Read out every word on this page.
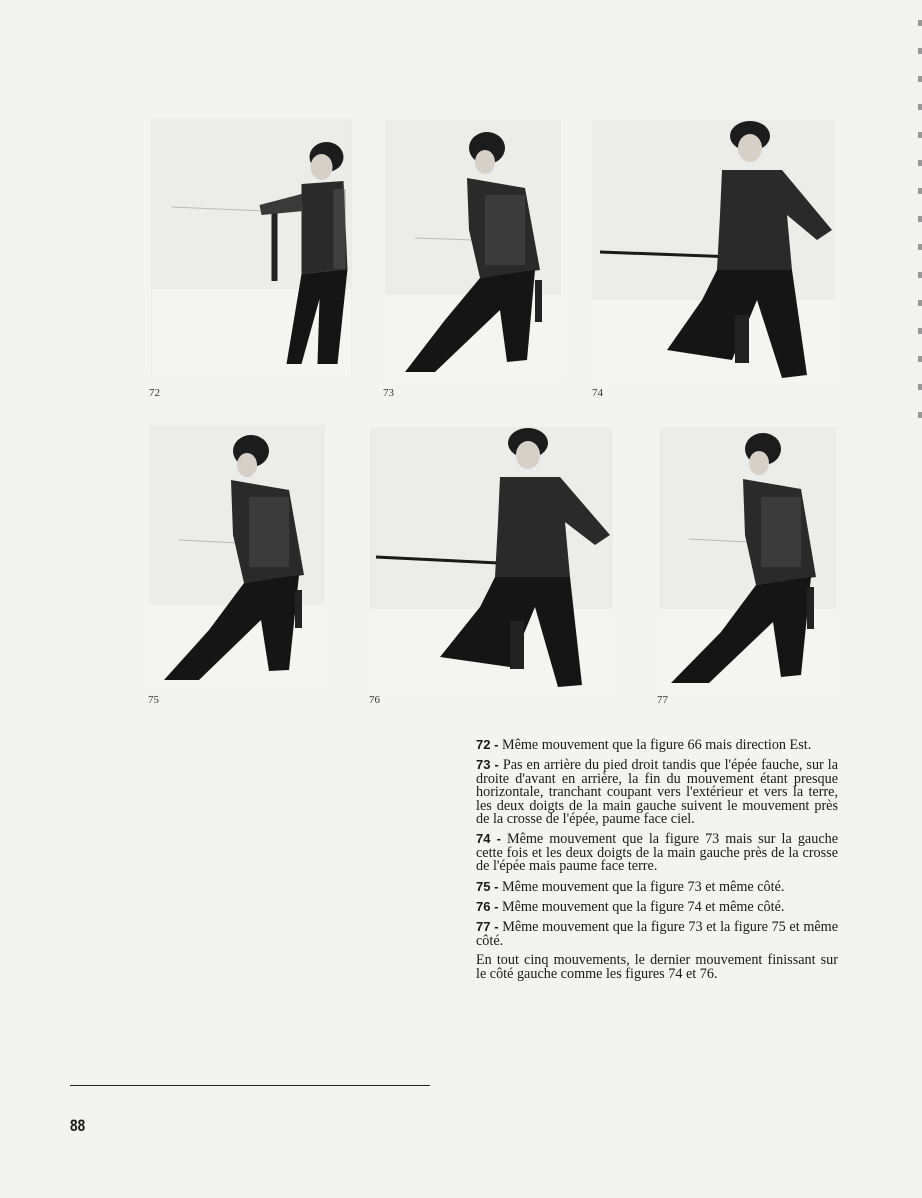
72	73	74
75	76	77

72 - Même mouvement que la figure 66 mais direction Est.

73 - Pas en arrière du pied droit tandis que l'épée fauche, sur la droite d'avant en arrière, la fin du mouvement étant presque horizontale, tranchant coupant vers l'extérieur et vers la terre, les deux doigts de la main gauche suivent le mouvement près de la crosse de l'épée, paume face ciel.

74 - Même mouvement que la figure 73 mais sur la gauche cette fois et les deux doigts de la main gauche près de la crosse de l'épée mais paume face terre.

75 - Même mouvement que la figure 73 et même côté.

76 - Même mouvement que la figure 74 et même côté.

77 - Même mouvement que la figure 73 et la figure 75 et même côté.

En tout cinq mouvements, le dernier mouvement finissant sur le côté gauche comme les figures 74 et 76.

88
